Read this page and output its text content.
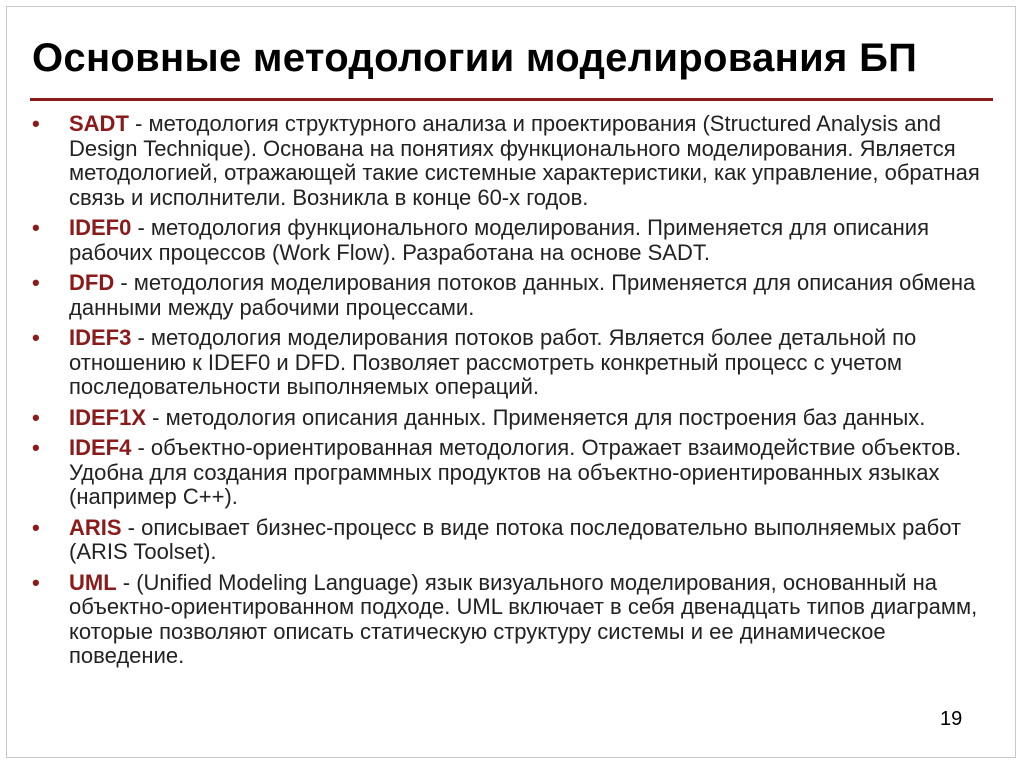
Основные методологии моделирования БП
• SADT - методология структурного анализа и проектирования (Structured Analysis and Design Technique). Основана на понятиях функционального моделирования. Является методологией, отражающей такие системные характеристики, как управление, обратная связь и исполнители. Возникла в конце 60-х годов.
• IDEF0 - методология функционального моделирования. Применяется для описания рабочих процессов (Work Flow). Разработана на основе SADT.
• DFD - методология моделирования потоков данных. Применяется для описания обмена данными между рабочими процессами.
• IDEF3 - методология моделирования потоков работ. Является более детальной по отношению к IDEF0 и DFD. Позволяет рассмотреть конкретный процесс с учетом последовательности выполняемых операций.
• IDEF1X - методология описания данных. Применяется для построения баз данных.
• IDEF4 - объектно-ориентированная методология. Отражает взаимодействие объектов. Удобна для создания программных продуктов на объектно-ориентированных языках (например С++).
• ARIS - описывает бизнес-процесс в виде потока последовательно выполняемых работ (ARIS Toolset).
• UML - (Unified Modeling Language) язык визуального моделирования, основанный на объектно-ориентированном подходе. UML включает в себя двенадцать типов диаграмм, которые позволяют описать статическую структуру системы и ее динамическое поведение.
19
